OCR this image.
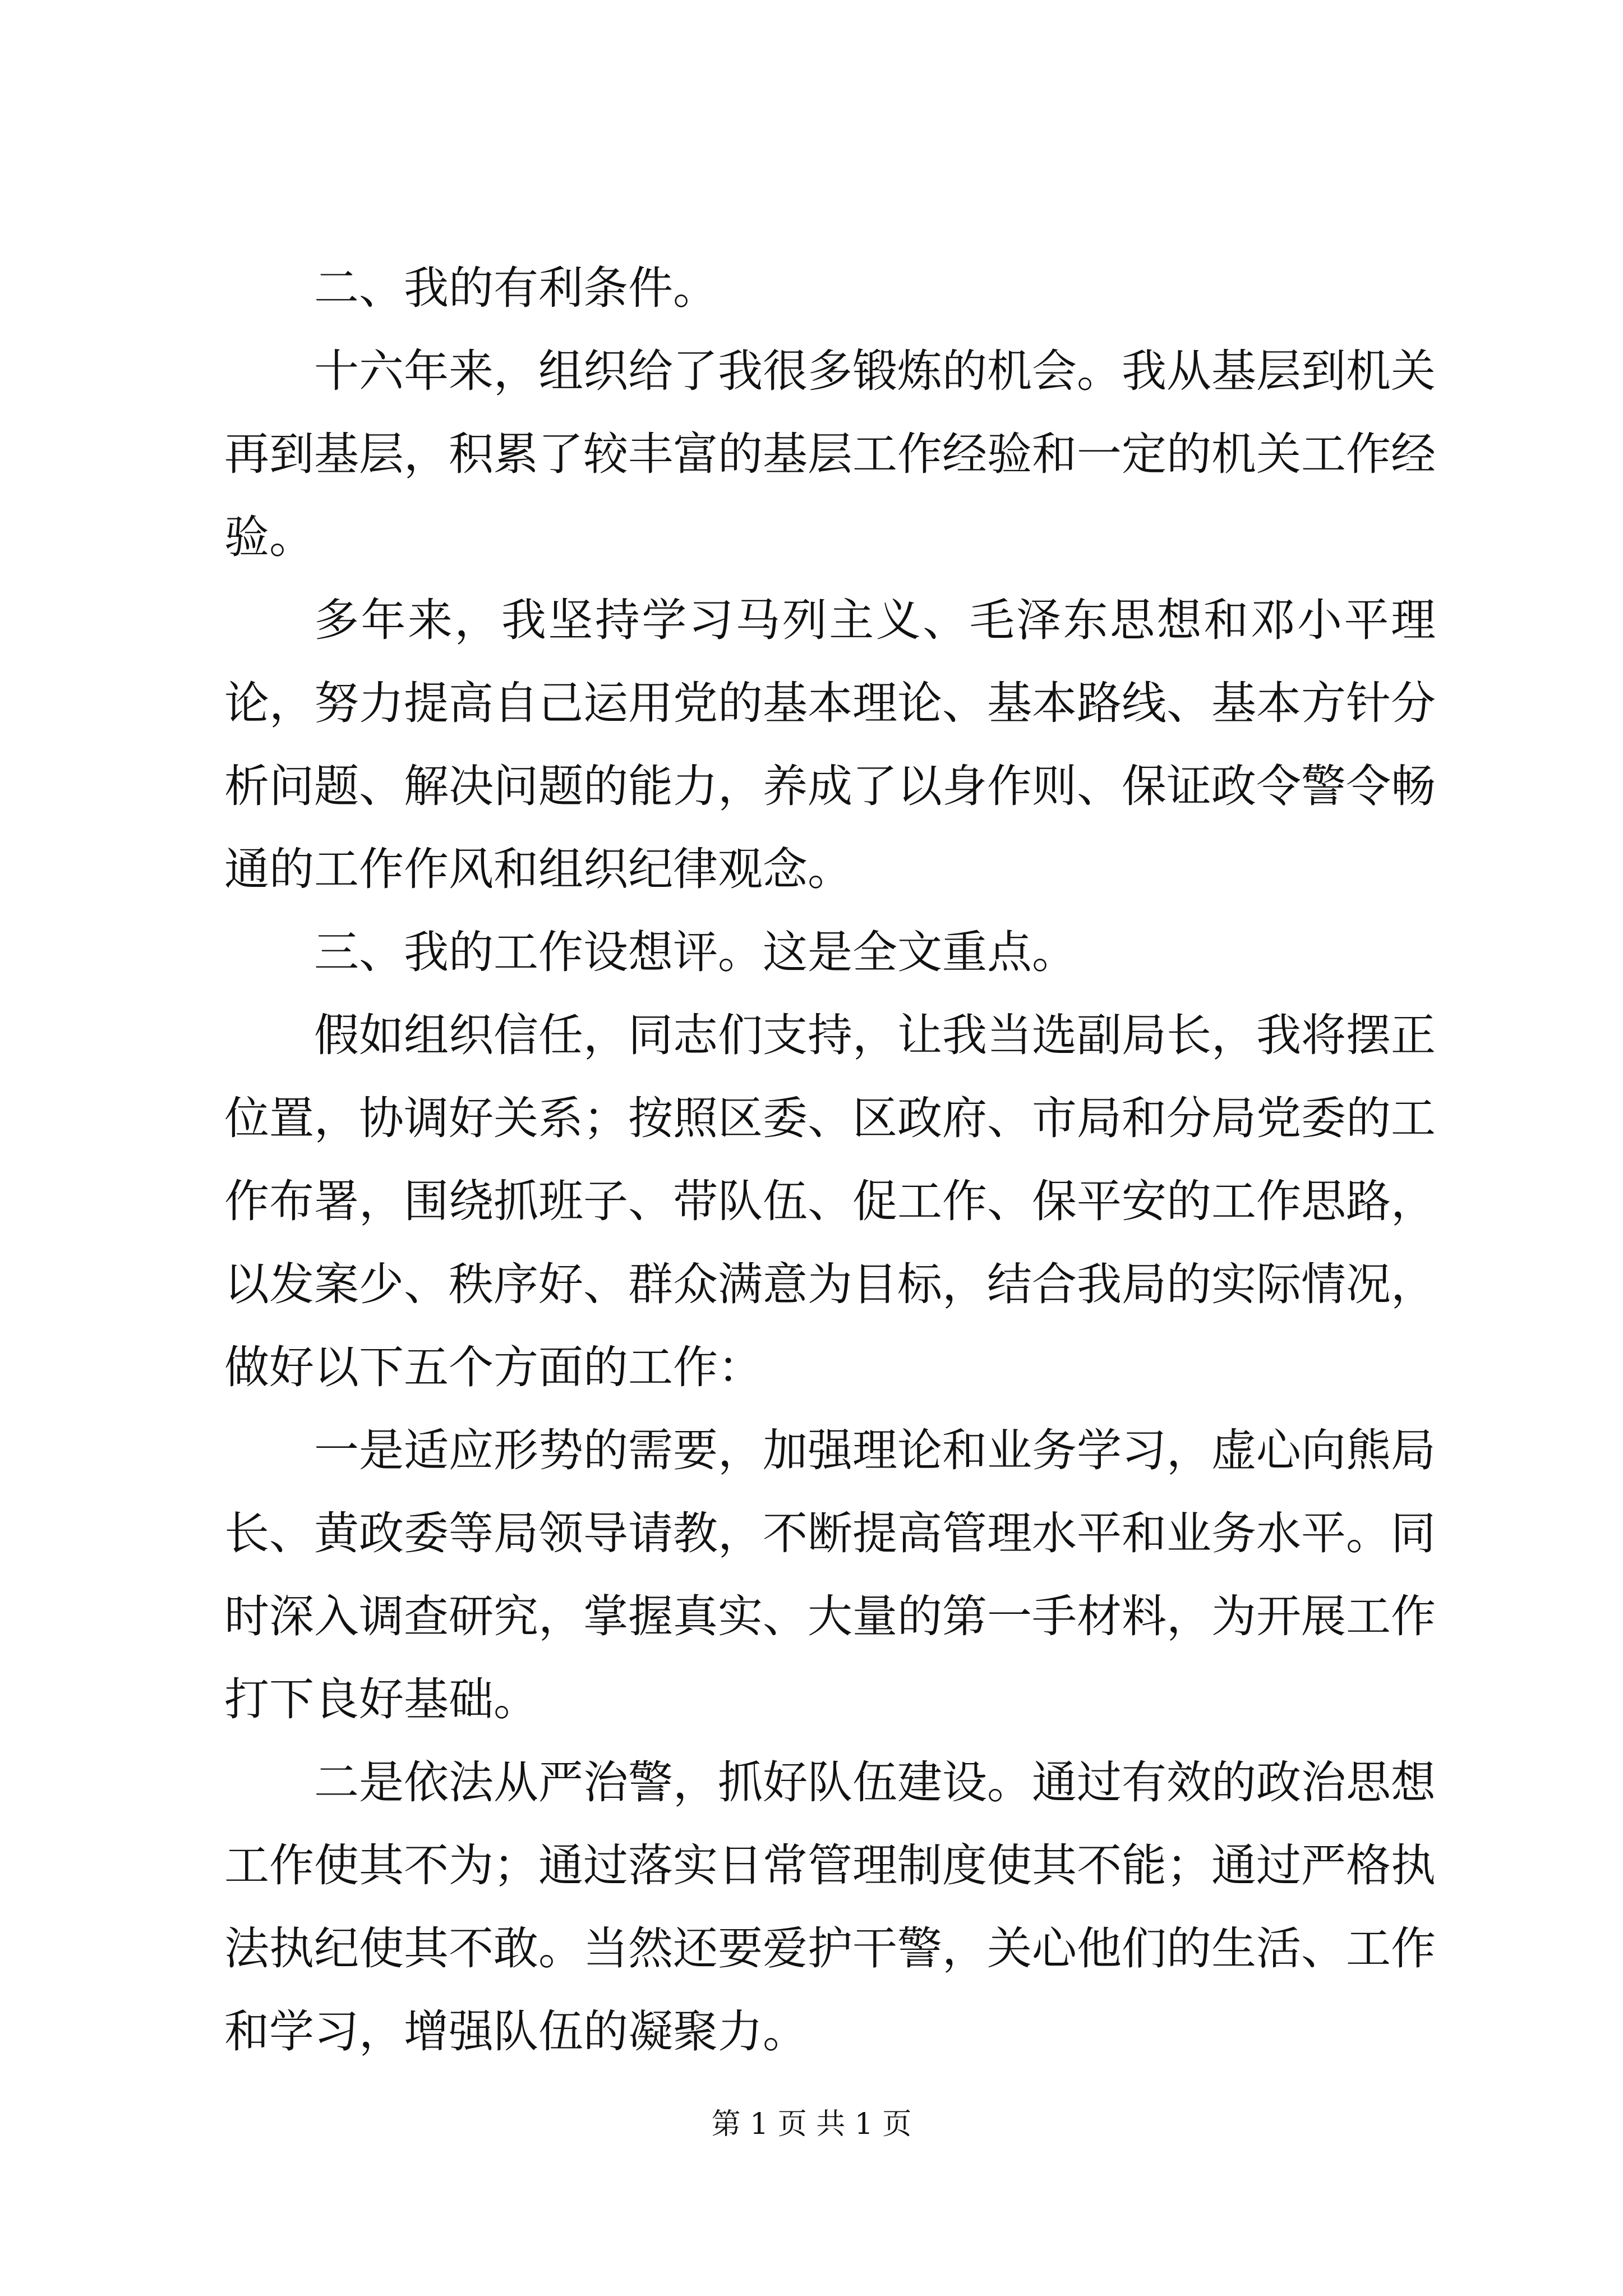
二、我的有利条件。

十六年来，组织给了我很多锻炼的机会。我从基层到机关再到基层，积累了较丰富的基层工作经验和一定的机关工作经验。

多年来，我坚持学习马列主义、毛泽东思想和邓小平理论，努力提高自己运用党的基本理论、基本路线、基本方针分析问题、解决问题的能力，养成了以身作则、保证政令警令畅通的工作作风和组织纪律观念。

三、我的工作设想评。这是全文重点。

假如组织信任，同志们支持，让我当选副局长，我将摆正位置，协调好关系；按照区委、区政府、市局和分局党委的工作布署，围绕抓班子、带队伍、促工作、保平安的工作思路，以发案少、秩序好、群众满意为目标，结合我局的实际情况，做好以下五个方面的工作：

一是适应形势的需要，加强理论和业务学习，虚心向熊局长、黄政委等局领导请教，不断提高管理水平和业务水平。同时深入调查研究，掌握真实、大量的第一手材料，为开展工作打下良好基础。

二是依法从严治警，抓好队伍建设。通过有效的政治思想工作使其不为；通过落实日常管理制度使其不能；通过严格执法执纪使其不敢。当然还要爱护干警，关心他们的生活、工作和学习，增强队伍的凝聚力。

第 1 页 共 1 页
